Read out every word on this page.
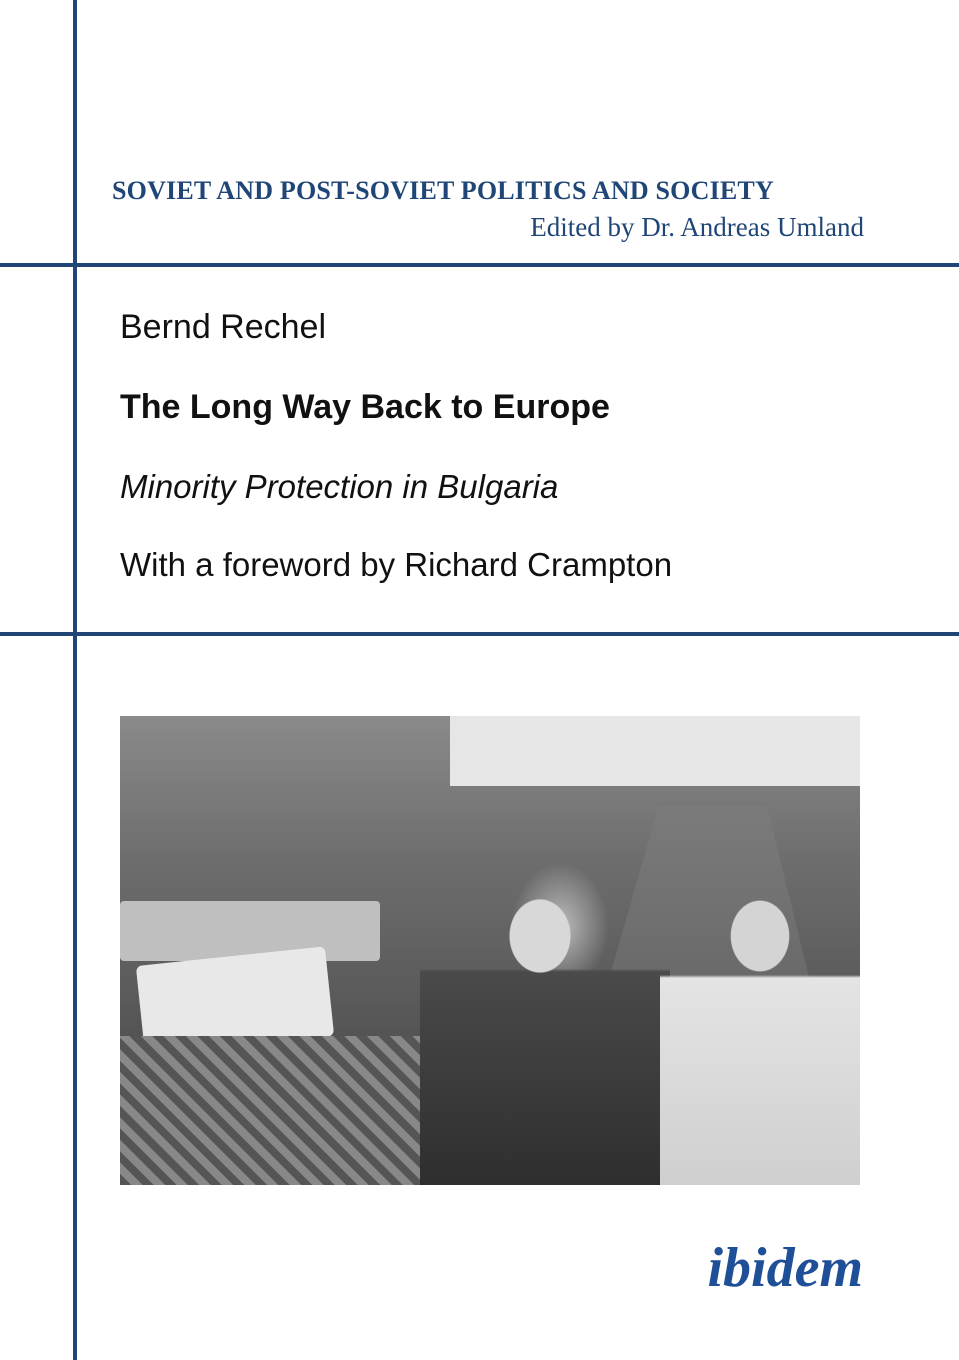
SOVIET AND POST-SOVIET POLITICS AND SOCIETY
Edited by Dr. Andreas Umland
Bernd Rechel
The Long Way Back to Europe
Minority Protection in Bulgaria
With a foreword by Richard Crampton
ibidem
